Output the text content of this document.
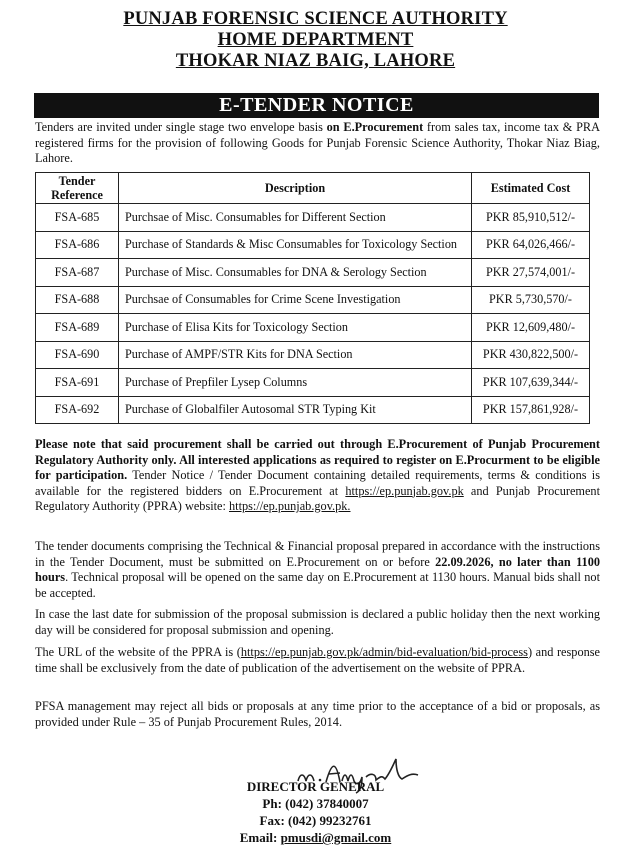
PUNJAB FORENSIC SCIENCE AUTHORITY
HOME DEPARTMENT
THOKAR NIAZ BAIG, LAHORE
E-TENDER NOTICE
Tenders are invited under single stage two envelope basis on E.Procurement from sales tax, income tax & PRA registered firms for the provision of following Goods for Punjab Forensic Science Authority, Thokar Niaz Biag, Lahore.
Tender Reference	Description	Estimated Cost
FSA-685	Purchsae of Misc. Consumables for Different Section	PKR 85,910,512/-
FSA-686	Purchase of Standards & Misc Consumables for Toxicology Section	PKR 64,026,466/-
FSA-687	Purchase of Misc. Consumables for DNA & Serology Section	PKR 27,574,001/-
FSA-688	Purchsae of Consumables for Crime Scene Investigation	PKR 5,730,570/-
FSA-689	Purchase of Elisa Kits for Toxicology Section	PKR 12,609,480/-
FSA-690	Purchase of AMPF/STR Kits for DNA Section	PKR 430,822,500/-
FSA-691	Purchase of Prepfiler Lysep Columns	PKR 107,639,344/-
FSA-692	Purchase of Globalfiler Autosomal STR Typing Kit	PKR 157,861,928/-
Please note that said procurement shall be carried out through E.Procurement of Punjab Procurement Regulatory Authority only. All interested applications as required to register on E.Procurment to be eligible for participation. Tender Notice / Tender Document containing detailed requirements, terms & conditions is available for the registered bidders on E.Procurement at https://ep.punjab.gov.pk and Punjab Procurement Regulatory Authority (PPRA) website: https://ep.punjab.gov.pk.
The tender documents comprising the Technical & Financial proposal prepared in accordance with the instructions in the Tender Document, must be submitted on E.Procurement on or before 22.09.2026, no later than 1100 hours. Technical proposal will be opened on the same day on E.Procurement at 1130 hours. Manual bids shall not be accepted.
In case the last date for submission of the proposal submission is declared a public holiday then the next working day will be considered for proposal submission and opening.
The URL of the website of the PPRA is (https://ep.punjab.gov.pk/admin/bid-evaluation/bid-process) and response time shall be exclusively from the date of publication of the advertisement on the website of PPRA.
PFSA management may reject all bids or proposals at any time prior to the acceptance of a bid or proposals, as provided under Rule – 35 of Punjab Procurement Rules, 2014.
DIRECTOR GENERAL
Ph: (042) 37840007
Fax: (042) 99232761
Email: pmusdi@gmail.com
